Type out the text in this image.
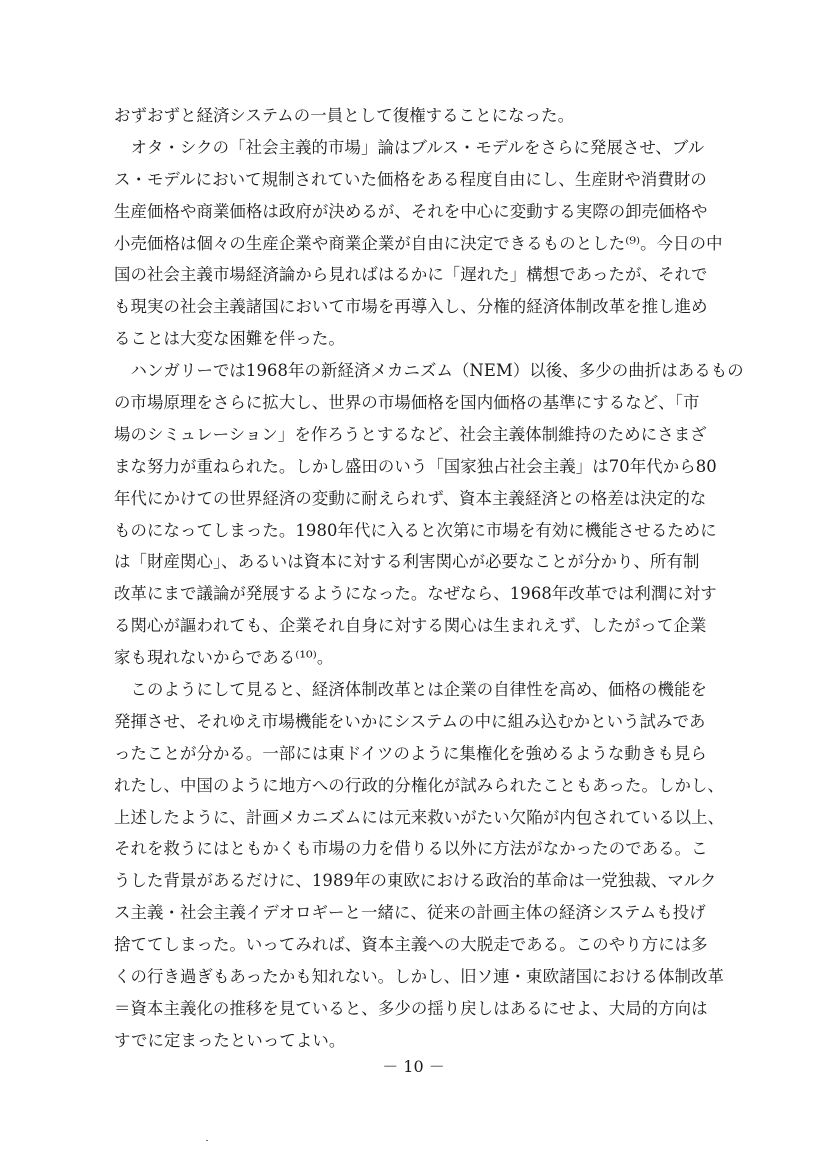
おずおずと経済システムの一員として復権することになった。
　オタ・シクの「社会主義的市場」論はブルス・モデルをさらに発展させ、ブル
ス・モデルにおいて規制されていた価格をある程度自由にし、生産財や消費財の
生産価格や商業価格は政府が決めるが、それを中心に変動する実際の卸売価格や
小売価格は個々の生産企業や商業企業が自由に決定できるものとした⁽⁹⁾。今日の中
国の社会主義市場経済論から見ればはるかに「遅れた」構想であったが、それで
も現実の社会主義諸国において市場を再導入し、分権的経済体制改革を推し進め
ることは大変な困難を伴った。
　ハンガリーでは1968年の新経済メカニズム（NEM）以後、多少の曲折はあるもの
の市場原理をさらに拡大し、世界の市場価格を国内価格の基準にするなど、「市
場のシミュレーション」を作ろうとするなど、社会主義体制維持のためにさまざ
まな努力が重ねられた。しかし盛田のいう「国家独占社会主義」は70年代から80
年代にかけての世界経済の変動に耐えられず、資本主義経済との格差は決定的な
ものになってしまった。1980年代に入ると次第に市場を有効に機能させるために
は「財産関心」、あるいは資本に対する利害関心が必要なことが分かり、所有制
改革にまで議論が発展するようになった。なぜなら、1968年改革では利潤に対す
る関心が謳われても、企業それ自身に対する関心は生まれえず、したがって企業
家も現れないからである⁽¹⁰⁾。
　このようにして見ると、経済体制改革とは企業の自律性を高め、価格の機能を
発揮させ、それゆえ市場機能をいかにシステムの中に組み込むかという試みであ
ったことが分かる。一部には東ドイツのように集権化を強めるような動きも見ら
れたし、中国のように地方への行政的分権化が試みられたこともあった。しかし、
上述したように、計画メカニズムには元来救いがたい欠陥が内包されている以上、
それを救うにはともかくも市場の力を借りる以外に方法がなかったのである。こ
うした背景があるだけに、1989年の東欧における政治的革命は一党独裁、マルク
ス主義・社会主義イデオロギーと一緒に、従来の計画主体の経済システムも投げ
捨ててしまった。いってみれば、資本主義への大脱走である。このやり方には多
くの行き過ぎもあったかも知れない。しかし、旧ソ連・東欧諸国における体制改革
＝資本主義化の推移を見ていると、多少の揺り戻しはあるにせよ、大局的方向は
すでに定まったといってよい。
－ 10 －
